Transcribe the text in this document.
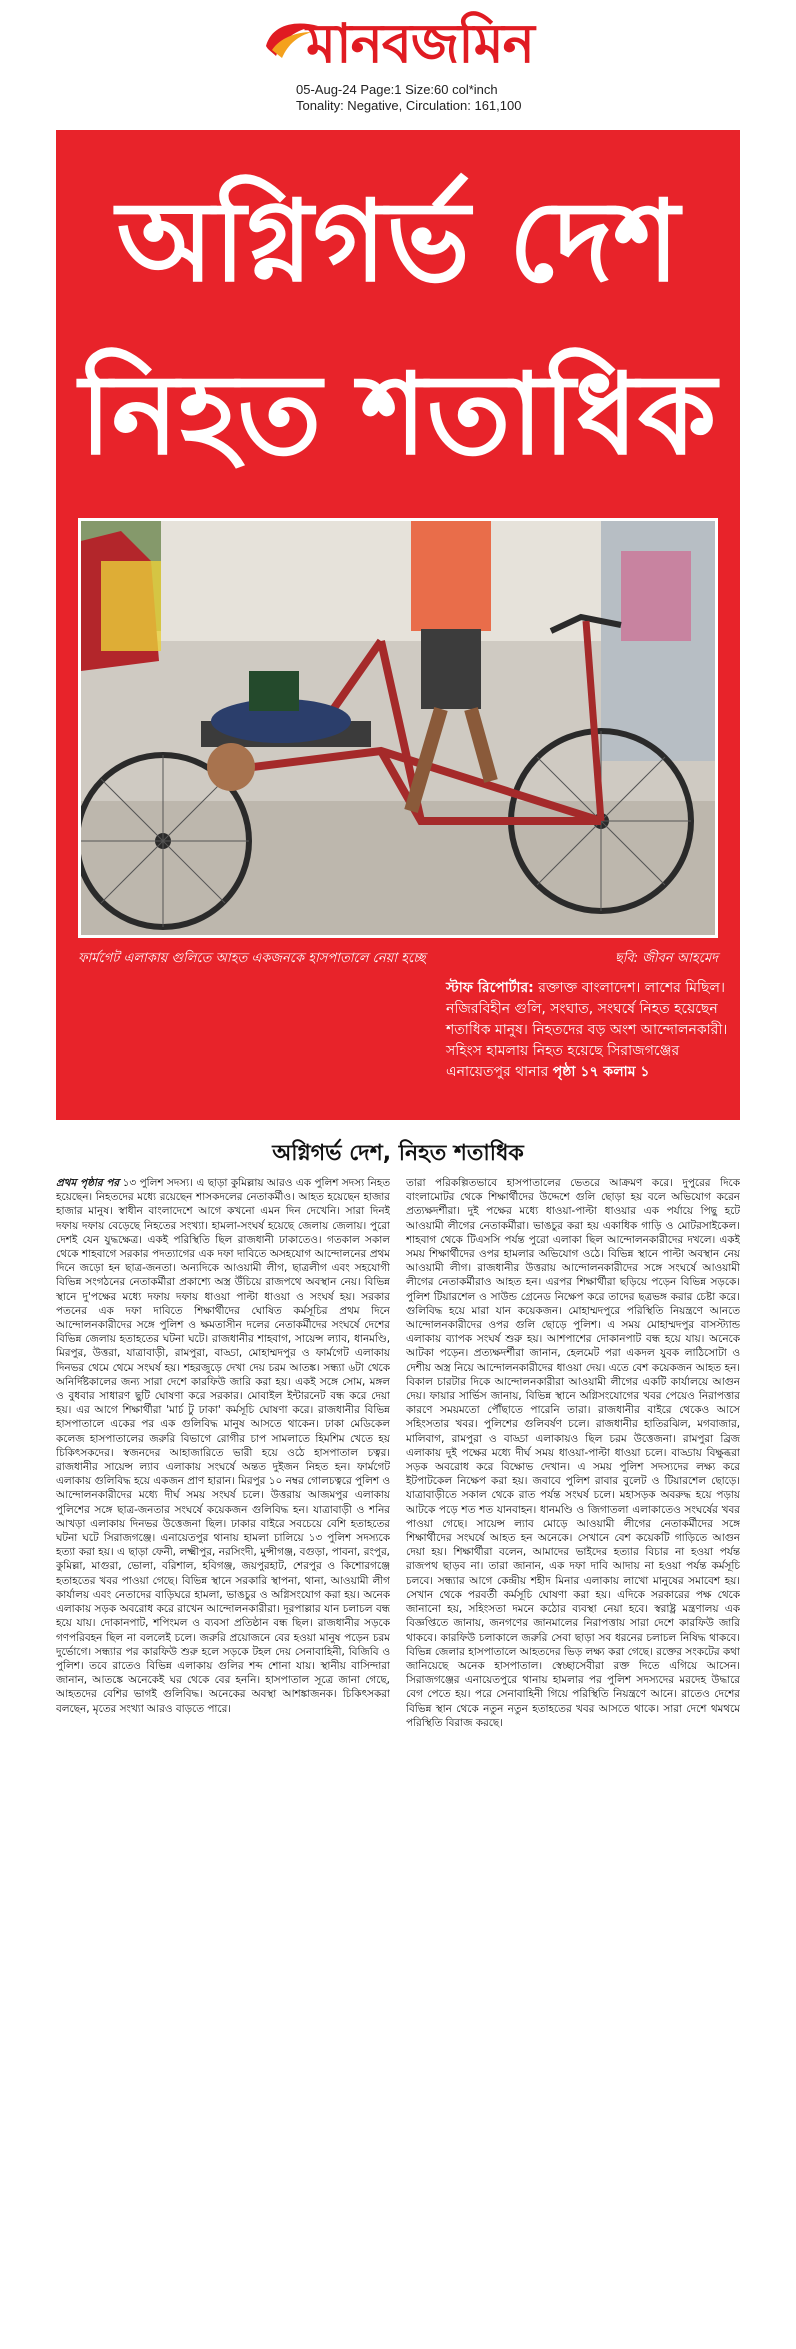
মানবজমিন
05-Aug-24 Page:1 Size:60 col*inch
Tonality: Negative, Circulation: 161,100
অগ্নিগর্ভ দেশ
নিহত শতাধিক
ফার্মগেট এলাকায় গুলিতে আহত একজনকে হাসপাতালে নেয়া হচ্ছে	ছবি: জীবন আহমেদ
স্টাফ রিপোর্টার: রক্তাক্ত বাংলাদেশ। লাশের মিছিল। নজিরবিহীন গুলি, সংঘাত, সংঘর্ষে নিহত হয়েছেন শতাধিক মানুষ। নিহতদের বড় অংশ আন্দোলনকারী। সহিংস হামলায় নিহত হয়েছে সিরাজগঞ্জের এনায়েতপুর থানার পৃষ্ঠা ১৭ কলাম ১
অগ্নিগর্ভ দেশ, নিহত শতাধিক
প্রথম পৃষ্ঠার পর ১৩ পুলিশ সদস্য। এ ছাড়া কুমিল্লায় আরও এক পুলিশ সদস্য নিহত হয়েছেন। নিহতদের মধ্যে রয়েছেন শাসকদলের নেতাকর্মীও। আহত হয়েছেন হাজার হাজার মানুষ। স্বাধীন বাংলাদেশে আগে কখনো এমন দিন দেখেনি। সারা দিনই দফায় দফায় বেড়েছে নিহতের সংখ্যা। হামলা-সংঘর্ষ হয়েছে জেলায় জেলায়। পুরো দেশই যেন যুদ্ধক্ষেত্র। একই পরিস্থিতি ছিল রাজধানী ঢাকাতেও। গতকাল সকাল থেকে শাহবাগে সরকার পদত্যাগের এক দফা দাবিতে অসহযোগ আন্দোলনের প্রথম দিনে জড়ো হন ছাত্র-জনতা। অন্যদিকে আওয়ামী লীগ, ছাত্রলীগ এবং সহযোগী বিভিন্ন সংগঠনের নেতাকর্মীরা প্রকাশ্যে অস্ত্র উঁচিয়ে রাজপথে অবস্থান নেয়। বিভিন্ন স্থানে দু'পক্ষের মধ্যে দফায় দফায় ধাওয়া পাল্টা ধাওয়া ও সংঘর্ষ হয়। সরকার পতনের এক দফা দাবিতে শিক্ষার্থীদের ঘোষিত কর্মসূচির প্রথম দিনে আন্দোলনকারীদের সঙ্গে পুলিশ ও ক্ষমতাসীন দলের নেতাকর্মীদের সংঘর্ষে দেশের বিভিন্ন জেলায় হতাহতের ঘটনা ঘটে। রাজধানীর শাহবাগ, সায়েন্স ল্যাব, ধানমণ্ডি, মিরপুর, উত্তরা, যাত্রাবাড়ী, রামপুরা, বাড্ডা, মোহাম্মদপুর ও ফার্মগেট এলাকায় দিনভর থেমে থেমে সংঘর্ষ হয়। শহরজুড়ে দেখা দেয় চরম আতঙ্ক। সন্ধ্যা ৬টা থেকে অনির্দিষ্টকালের জন্য সারা দেশে কারফিউ জারি করা হয়। একই সঙ্গে সোম, মঙ্গল ও বুধবার সাধারণ ছুটি ঘোষণা করে সরকার। মোবাইল ইন্টারনেট বন্ধ করে দেয়া হয়। এর আগে শিক্ষার্থীরা 'মার্চ টু ঢাকা' কর্মসূচি ঘোষণা করে। রাজধানীর বিভিন্ন হাসপাতালে একের পর এক গুলিবিদ্ধ মানুষ আসতে থাকেন। ঢাকা মেডিকেল কলেজ হাসপাতালের জরুরি বিভাগে রোগীর চাপ সামলাতে হিমশিম খেতে হয় চিকিৎসকদের। স্বজনদের আহাজারিতে ভারী হয়ে ওঠে হাসপাতাল চত্বর। রাজধানীর সায়েন্স ল্যাব এলাকায় সংঘর্ষে অন্তত দুইজন নিহত হন। ফার্মগেট এলাকায় গুলিবিদ্ধ হয়ে একজন প্রাণ হারান। মিরপুর ১০ নম্বর গোলচত্বরে পুলিশ ও আন্দোলনকারীদের মধ্যে দীর্ঘ সময় সংঘর্ষ চলে। উত্তরায় আজমপুর এলাকায় পুলিশের সঙ্গে ছাত্র-জনতার সংঘর্ষে কয়েকজন গুলিবিদ্ধ হন। যাত্রাবাড়ী ও শনির আখড়া এলাকায় দিনভর উত্তেজনা ছিল। ঢাকার বাইরে সবচেয়ে বেশি হতাহতের ঘটনা ঘটে সিরাজগঞ্জে। এনায়েতপুর থানায় হামলা চালিয়ে ১৩ পুলিশ সদস্যকে হত্যা করা হয়। এ ছাড়া ফেনী, লক্ষ্মীপুর, নরসিংদী, মুন্সীগঞ্জ, বগুড়া, পাবনা, রংপুর, কুমিল্লা, মাগুরা, ভোলা, বরিশাল, হবিগঞ্জ, জয়পুরহাট, শেরপুর ও কিশোরগঞ্জে হতাহতের খবর পাওয়া গেছে। বিভিন্ন স্থানে সরকারি স্থাপনা, থানা, আওয়ামী লীগ কার্যালয় এবং নেতাদের বাড়িঘরে হামলা, ভাঙচুর ও অগ্নিসংযোগ করা হয়। অনেক এলাকায় সড়ক অবরোধ করে রাখেন আন্দোলনকারীরা। দূরপাল্লার যান চলাচল বন্ধ হয়ে যায়। দোকানপাট, শপিংমল ও ব্যবসা প্রতিষ্ঠান বন্ধ ছিল। রাজধানীর সড়কে গণপরিবহন ছিল না বললেই চলে। জরুরি প্রয়োজনে বের হওয়া মানুষ পড়েন চরম দুর্ভোগে। সন্ধ্যার পর কারফিউ শুরু হলে সড়কে টহল দেয় সেনাবাহিনী, বিজিবি ও পুলিশ। তবে রাতেও বিভিন্ন এলাকায় গুলির শব্দ শোনা যায়। স্থানীয় বাসিন্দারা জানান, আতঙ্কে অনেকেই ঘর থেকে বের হননি। হাসপাতাল সূত্রে জানা গেছে, আহতদের বেশির ভাগই গুলিবিদ্ধ। অনেকের অবস্থা আশঙ্কাজনক। চিকিৎসকরা বলছেন, মৃতের সংখ্যা আরও বাড়তে পারে।
তারা পরিকল্পিতভাবে হাসপাতালের ভেতরে আক্রমণ করে। দুপুরের দিকে বাংলামোটর থেকে শিক্ষার্থীদের উদ্দেশে গুলি ছোড়া হয় বলে অভিযোগ করেন প্রত্যক্ষদর্শীরা। দুই পক্ষের মধ্যে ধাওয়া-পাল্টা ধাওয়ার এক পর্যায়ে পিছু হটে আওয়ামী লীগের নেতাকর্মীরা। ভাঙচুর করা হয় একাধিক গাড়ি ও মোটরসাইকেল। শাহবাগ থেকে টিএসসি পর্যন্ত পুরো এলাকা ছিল আন্দোলনকারীদের দখলে। একই সময় শিক্ষার্থীদের ওপর হামলার অভিযোগ ওঠে। বিভিন্ন স্থানে পাল্টা অবস্থান নেয় আওয়ামী লীগ। রাজধানীর উত্তরায় আন্দোলনকারীদের সঙ্গে সংঘর্ষে আওয়ামী লীগের নেতাকর্মীরাও আহত হন। এরপর শিক্ষার্থীরা ছড়িয়ে পড়েন বিভিন্ন সড়কে। পুলিশ টিয়ারশেল ও সাউন্ড গ্রেনেড নিক্ষেপ করে তাদের ছত্রভঙ্গ করার চেষ্টা করে। গুলিবিদ্ধ হয়ে মারা যান কয়েকজন। মোহাম্মদপুরে পরিস্থিতি নিয়ন্ত্রণে আনতে আন্দোলনকারীদের ওপর গুলি ছোড়ে পুলিশ। এ সময় মোহাম্মদপুর বাসস্ট্যান্ড এলাকায় ব্যাপক সংঘর্ষ শুরু হয়। আশপাশের দোকানপাট বন্ধ হয়ে যায়। অনেকে আটকা পড়েন। প্রত্যক্ষদর্শীরা জানান, হেলমেট পরা একদল যুবক লাঠিসোটা ও দেশীয় অস্ত্র নিয়ে আন্দোলনকারীদের ধাওয়া দেয়। এতে বেশ কয়েকজন আহত হন। বিকাল চারটার দিকে আন্দোলনকারীরা আওয়ামী লীগের একটি কার্যালয়ে আগুন দেয়। ফায়ার সার্ভিস জানায়, বিভিন্ন স্থানে অগ্নিসংযোগের খবর পেয়েও নিরাপত্তার কারণে সময়মতো পৌঁছাতে পারেনি তারা। রাজধানীর বাইরে থেকেও আসে সহিংসতার খবর। পুলিশের গুলিবর্ষণ চলে। রাজধানীর হাতিরঝিল, মগবাজার, মালিবাগ, রামপুরা ও বাড্ডা এলাকায়ও ছিল চরম উত্তেজনা। রামপুরা ব্রিজ এলাকায় দুই পক্ষের মধ্যে দীর্ঘ সময় ধাওয়া-পাল্টা ধাওয়া চলে। বাড্ডায় বিক্ষুব্ধরা সড়ক অবরোধ করে বিক্ষোভ দেখান। এ সময় পুলিশ সদস্যদের লক্ষ্য করে ইটপাটকেল নিক্ষেপ করা হয়। জবাবে পুলিশ রাবার বুলেট ও টিয়ারশেল ছোড়ে। যাত্রাবাড়ীতে সকাল থেকে রাত পর্যন্ত সংঘর্ষ চলে। মহাসড়ক অবরুদ্ধ হয়ে পড়ায় আটকে পড়ে শত শত যানবাহন। ধানমণ্ডি ও জিগাতলা এলাকাতেও সংঘর্ষের খবর পাওয়া গেছে। সায়েন্স ল্যাব মোড়ে আওয়ামী লীগের নেতাকর্মীদের সঙ্গে শিক্ষার্থীদের সংঘর্ষে আহত হন অনেকে। সেখানে বেশ কয়েকটি গাড়িতে আগুন দেয়া হয়। শিক্ষার্থীরা বলেন, আমাদের ভাইদের হত্যার বিচার না হওয়া পর্যন্ত রাজপথ ছাড়ব না। তারা জানান, এক দফা দাবি আদায় না হওয়া পর্যন্ত কর্মসূচি চলবে। সন্ধ্যার আগে কেন্দ্রীয় শহীদ মিনার এলাকায় লাখো মানুষের সমাবেশ হয়। সেখান থেকে পরবর্তী কর্মসূচি ঘোষণা করা হয়। এদিকে সরকারের পক্ষ থেকে জানানো হয়, সহিংসতা দমনে কঠোর ব্যবস্থা নেয়া হবে। স্বরাষ্ট্র মন্ত্রণালয় এক বিজ্ঞপ্তিতে জানায়, জনগণের জানমালের নিরাপত্তায় সারা দেশে কারফিউ জারি থাকবে। কারফিউ চলাকালে জরুরি সেবা ছাড়া সব ধরনের চলাচল নিষিদ্ধ থাকবে। বিভিন্ন জেলার হাসপাতালে আহতদের ভিড় লক্ষ্য করা গেছে। রক্তের সংকটের কথা জানিয়েছে অনেক হাসপাতাল। স্বেচ্ছাসেবীরা রক্ত দিতে এগিয়ে আসেন। সিরাজগঞ্জের এনায়েতপুরে থানায় হামলার পর পুলিশ সদস্যদের মরদেহ উদ্ধারে বেগ পেতে হয়। পরে সেনাবাহিনী গিয়ে পরিস্থিতি নিয়ন্ত্রণে আনে। রাতেও দেশের বিভিন্ন স্থান থেকে নতুন নতুন হতাহতের খবর আসতে থাকে। সারা দেশে থমথমে পরিস্থিতি বিরাজ করছে।
